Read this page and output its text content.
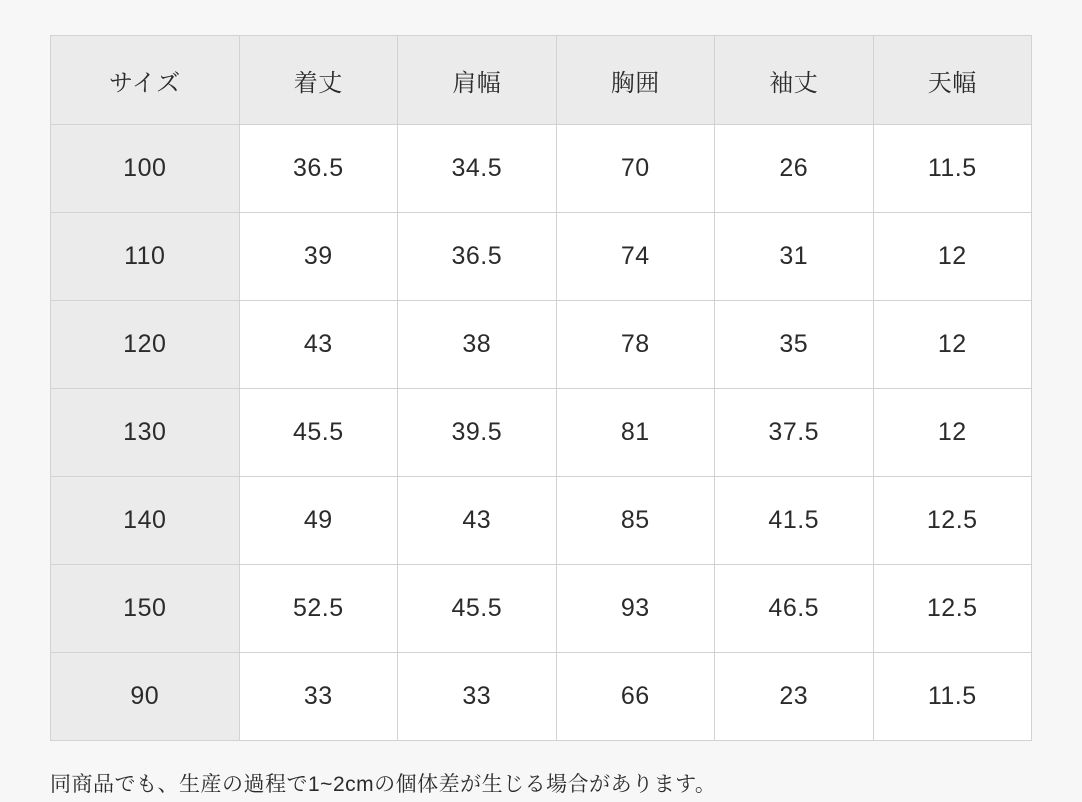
サイズ	着丈	肩幅	胸囲	袖丈	天幅
100	36.5	34.5	70	26	11.5
110	39	36.5	74	31	12
120	43	38	78	35	12
130	45.5	39.5	81	37.5	12
140	49	43	85	41.5	12.5
150	52.5	45.5	93	46.5	12.5
90	33	33	66	23	11.5
同商品でも、生産の過程で1~2cmの個体差が生じる場合があります。
